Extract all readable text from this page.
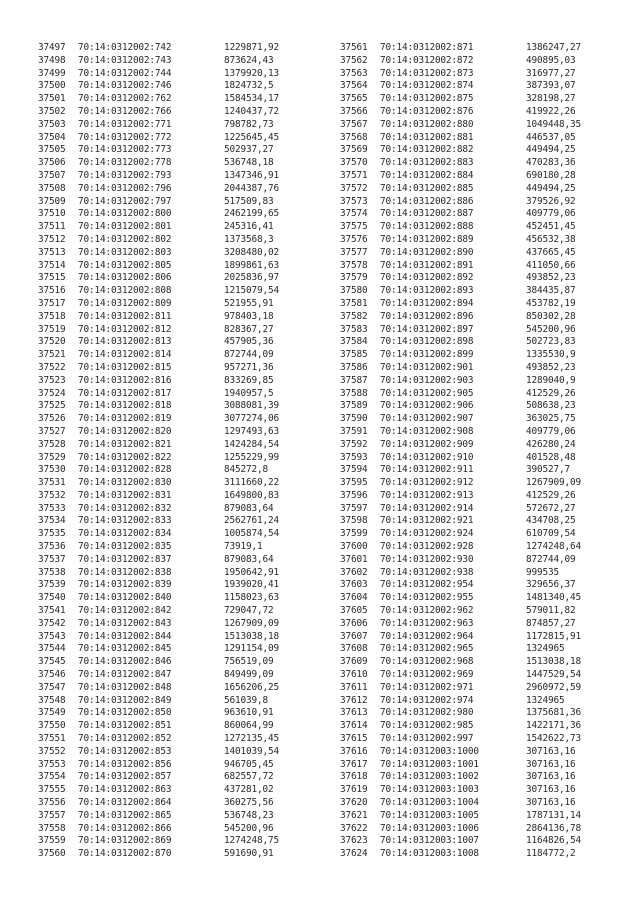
37497 70:14:0312002:742	1229871,92
37498 70:14:0312002:743	873624,43
37499 70:14:0312002:744	1379920,13
37500 70:14:0312002:746	1824732,5
37501 70:14:0312002:762	1584534,17
37502 70:14:0312002:766	1240437,72
37503 70:14:0312002:771	798782,73
37504 70:14:0312002:772	1225645,45
37505 70:14:0312002:773	502937,27
37506 70:14:0312002:778	536748,18
37507 70:14:0312002:793	1347346,91
37508 70:14:0312002:796	2044387,76
37509 70:14:0312002:797	517509,83
37510 70:14:0312002:800	2462199,65
37511 70:14:0312002:801	245316,41
37512 70:14:0312002:802	1373568,3
37513 70:14:0312002:803	3208480,02
37514 70:14:0312002:805	1899861,63
37515 70:14:0312002:806	2025836,97
37516 70:14:0312002:808	1215079,54
37517 70:14:0312002:809	521955,91
37518 70:14:0312002:811	978403,18
37519 70:14:0312002:812	828367,27
37520 70:14:0312002:813	457905,36
37521 70:14:0312002:814	872744,09
37522 70:14:0312002:815	957271,36
37523 70:14:0312002:816	833269,85
37524 70:14:0312002:817	1940957,5
37525 70:14:0312002:818	3088081,39
37526 70:14:0312002:819	3077274,06
37527 70:14:0312002:820	1297493,63
37528 70:14:0312002:821	1424284,54
37529 70:14:0312002:822	1255229,99
37530 70:14:0312002:828	845272,8
37531 70:14:0312002:830	3111660,22
37532 70:14:0312002:831	1649800,83
37533 70:14:0312002:832	879083,64
37534 70:14:0312002:833	2562761,24
37535 70:14:0312002:834	1005874,54
37536 70:14:0312002:835	73919,1
37537 70:14:0312002:837	879083,64
37538 70:14:0312002:838	1950642,91
37539 70:14:0312002:839	1939020,41
37540 70:14:0312002:840	1158023,63
37541 70:14:0312002:842	729047,72
37542 70:14:0312002:843	1267909,09
37543 70:14:0312002:844	1513038,18
37544 70:14:0312002:845	1291154,09
37545 70:14:0312002:846	756519,09
37546 70:14:0312002:847	849499,09
37547 70:14:0312002:848	1656206,25
37548 70:14:0312002:849	561039,8
37549 70:14:0312002:850	963610,91
37550 70:14:0312002:851	860064,99
37551 70:14:0312002:852	1272135,45
37552 70:14:0312002:853	1401039,54
37553 70:14:0312002:856	946705,45
37554 70:14:0312002:857	682557,72
37555 70:14:0312002:863	437281,02
37556 70:14:0312002:864	360275,56
37557 70:14:0312002:865	536748,23
37558 70:14:0312002:866	545200,96
37559 70:14:0312002:869	1274248,75
37560 70:14:0312002:870	591690,91
37561 70:14:0312002:871	1386247,27
37562 70:14:0312002:872	490895,03
37563 70:14:0312002:873	316977,27
37564 70:14:0312002:874	387393,07
37565 70:14:0312002:875	328198,27
37566 70:14:0312002:876	419922,26
37567 70:14:0312002:880	1049448,35
37568 70:14:0312002:881	446537,05
37569 70:14:0312002:882	449494,25
37570 70:14:0312002:883	470283,36
37571 70:14:0312002:884	690180,28
37572 70:14:0312002:885	449494,25
37573 70:14:0312002:886	379526,92
37574 70:14:0312002:887	409779,06
37575 70:14:0312002:888	452451,45
37576 70:14:0312002:889	456532,38
37577 70:14:0312002:890	437665,45
37578 70:14:0312002:891	411050,66
37579 70:14:0312002:892	493852,23
37580 70:14:0312002:893	384435,87
37581 70:14:0312002:894	453782,19
37582 70:14:0312002:896	850302,28
37583 70:14:0312002:897	545200,96
37584 70:14:0312002:898	502723,83
37585 70:14:0312002:899	1335530,9
37586 70:14:0312002:901	493852,23
37587 70:14:0312002:903	1289040,9
37588 70:14:0312002:905	412529,26
37589 70:14:0312002:906	508638,23
37590 70:14:0312002:907	363025,75
37591 70:14:0312002:908	409779,06
37592 70:14:0312002:909	426280,24
37593 70:14:0312002:910	401528,48
37594 70:14:0312002:911	390527,7
37595 70:14:0312002:912	1267909,09
37596 70:14:0312002:913	412529,26
37597 70:14:0312002:914	572672,27
37598 70:14:0312002:921	434708,25
37599 70:14:0312002:924	610709,54
37600 70:14:0312002:928	1274248,64
37601 70:14:0312002:930	872744,09
37602 70:14:0312002:938	999535
37603 70:14:0312002:954	329656,37
37604 70:14:0312002:955	1481340,45
37605 70:14:0312002:962	579011,82
37606 70:14:0312002:963	874857,27
37607 70:14:0312002:964	1172815,91
37608 70:14:0312002:965	1324965
37609 70:14:0312002:968	1513038,18
37610 70:14:0312002:969	1447529,54
37611 70:14:0312002:971	2960972,59
37612 70:14:0312002:974	1324965
37613 70:14:0312002:980	1375681,36
37614 70:14:0312002:985	1422171,36
37615 70:14:0312002:997	1542622,73
37616 70:14:0312003:1000	307163,16
37617 70:14:0312003:1001	307163,16
37618 70:14:0312003:1002	307163,16
37619 70:14:0312003:1003	307163,16
37620 70:14:0312003:1004	307163,16
37621 70:14:0312003:1005	1787131,14
37622 70:14:0312003:1006	2864136,78
37623 70:14:0312003:1007	1164826,54
37624 70:14:0312003:1008	1184772,2
